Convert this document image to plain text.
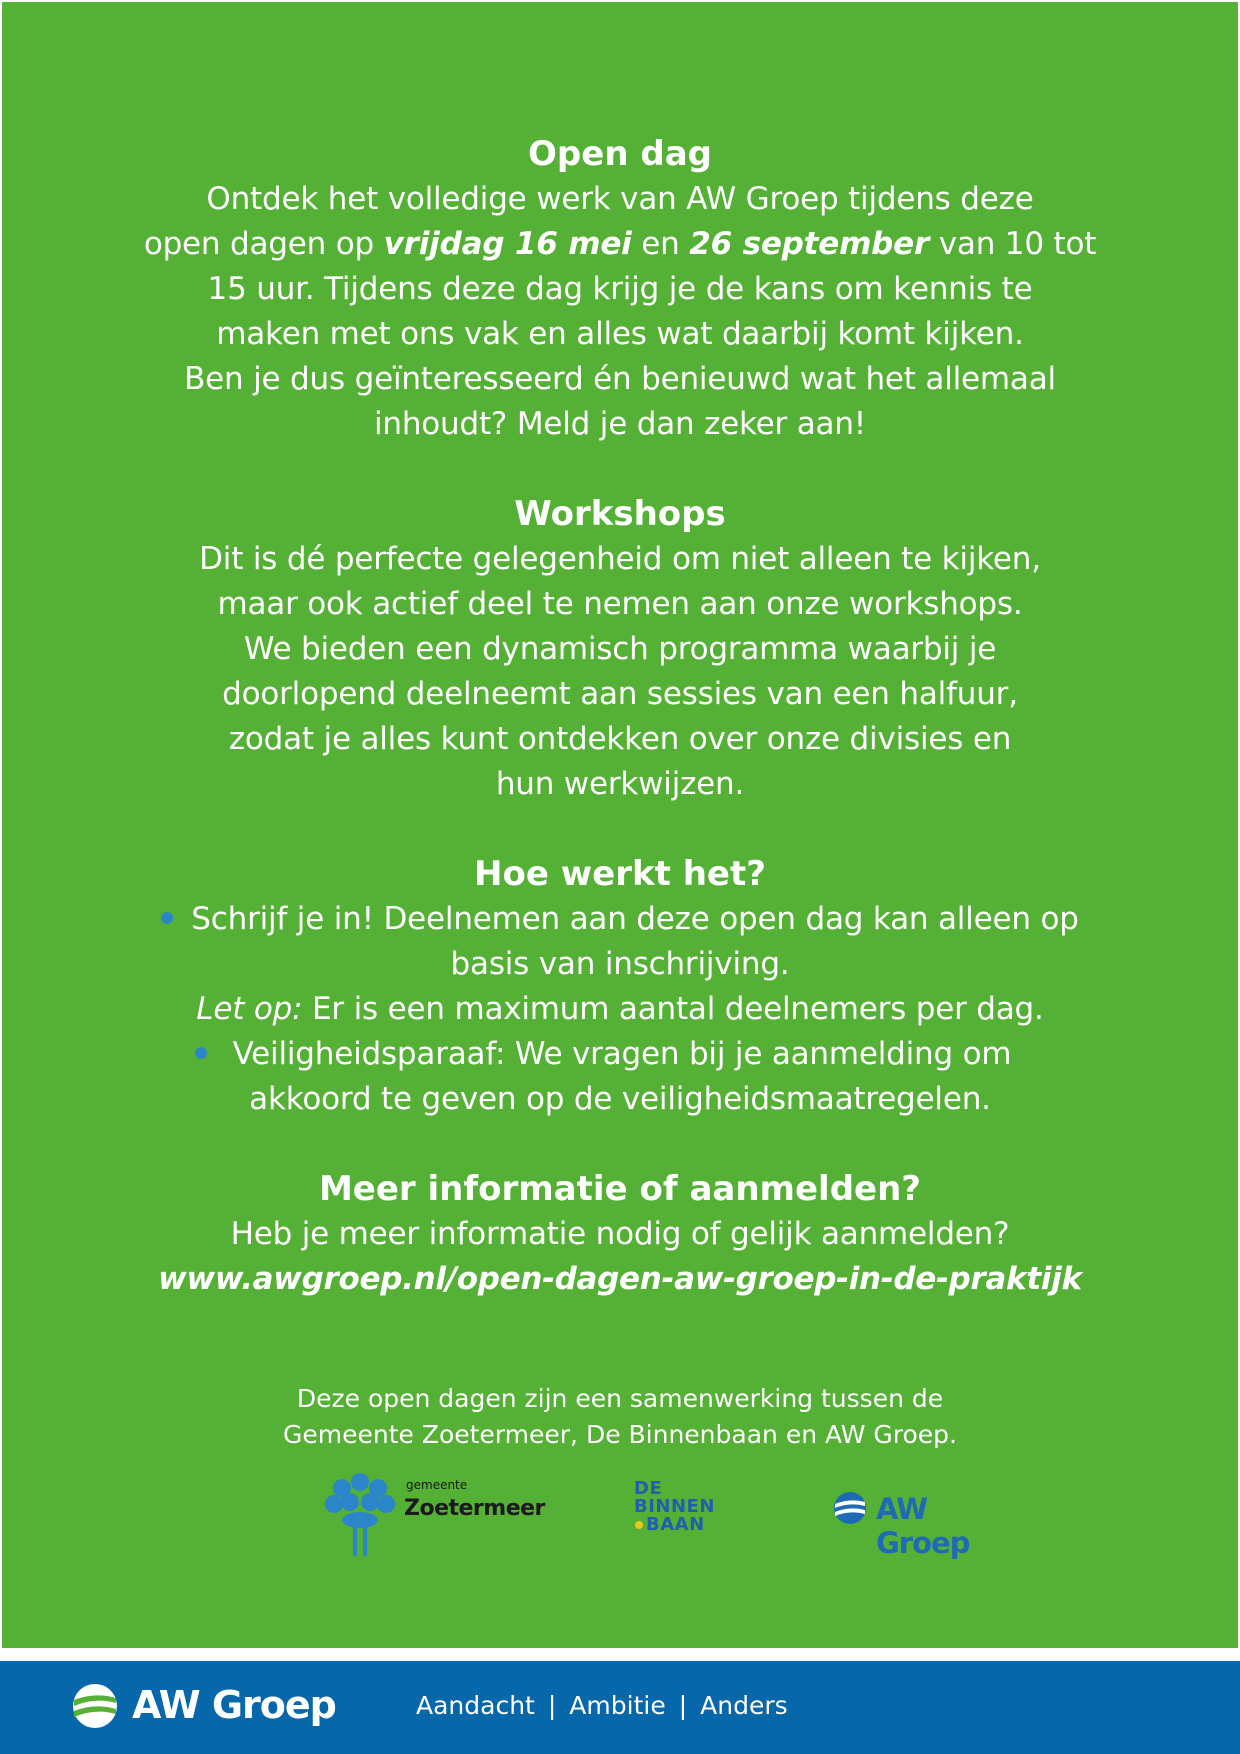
Open dag

Ontdek het volledige werk van AW Groep tijdens deze

open dagen op vrijdag 16 mei en 26 september van 10 tot

15 uur. Tijdens deze dag krijg je de kans om kennis te

maken met ons vak en alles wat daarbij komt kijken.

Ben je dus geïnteresseerd én benieuwd wat het allemaal

inhoudt? Meld je dan zeker aan!

Workshops

Dit is dé perfecte gelegenheid om niet alleen te kijken,

maar ook actief deel te nemen aan onze workshops.

We bieden een dynamisch programma waarbij je

doorlopend deelneemt aan sessies van een halfuur,

zodat je alles kunt ontdekken over onze divisies en

hun werkwijzen.

Hoe werkt het?

Schrijf je in! Deelnemen aan deze open dag kan alleen op

basis van inschrijving.

Let op: Er is een maximum aantal deelnemers per dag.

Veiligheidsparaaf: We vragen bij je aanmelding om

akkoord te geven op de veiligheidsmaatregelen.

Meer informatie of aanmelden?

Heb je meer informatie nodig of gelijk aanmelden?

www.awgroep.nl/open-dagen-aw-groep-in-de-praktijk

Deze open dagen zijn een samenwerking tussen de

Gemeente Zoetermeer, De Binnenbaan en AW Groep.

gemeente
Zoetermeer
DE
BINNEN
BAAN	AW Groep
AW Groep	Aandacht | Ambitie | Anders
